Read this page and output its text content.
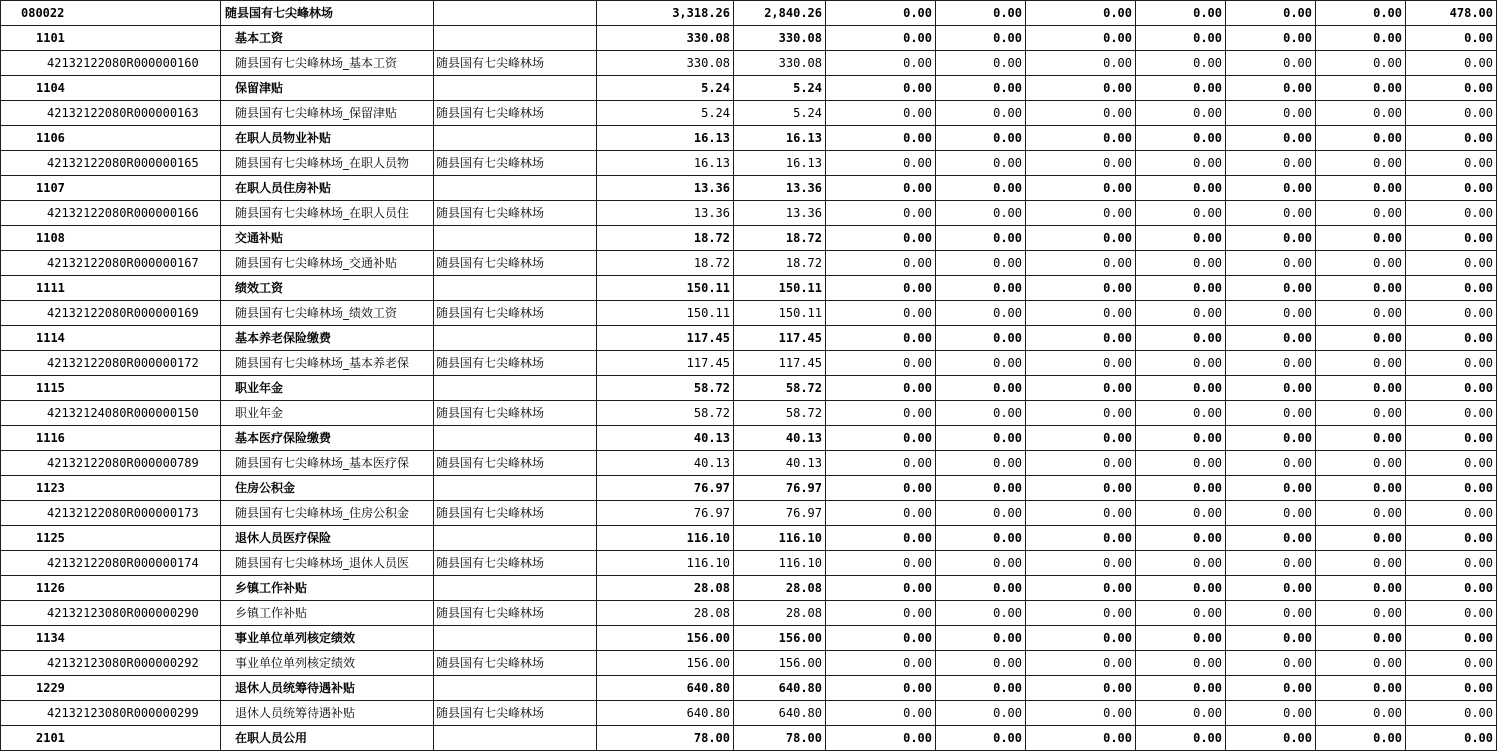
080022	随县国有七尖峰林场		3,318.26	2,840.26	0.00	0.00	0.00	0.00	0.00	0.00	478.00
1101	基本工资		330.08	330.08	0.00	0.00	0.00	0.00	0.00	0.00	0.00
42132122080R000000160	随县国有七尖峰林场_基本工资	随县国有七尖峰林场	330.08	330.08	0.00	0.00	0.00	0.00	0.00	0.00	0.00
1104	保留津贴		5.24	5.24	0.00	0.00	0.00	0.00	0.00	0.00	0.00
42132122080R000000163	随县国有七尖峰林场_保留津贴	随县国有七尖峰林场	5.24	5.24	0.00	0.00	0.00	0.00	0.00	0.00	0.00
1106	在职人员物业补贴		16.13	16.13	0.00	0.00	0.00	0.00	0.00	0.00	0.00
42132122080R000000165	随县国有七尖峰林场_在职人员物	随县国有七尖峰林场	16.13	16.13	0.00	0.00	0.00	0.00	0.00	0.00	0.00
1107	在职人员住房补贴		13.36	13.36	0.00	0.00	0.00	0.00	0.00	0.00	0.00
42132122080R000000166	随县国有七尖峰林场_在职人员住	随县国有七尖峰林场	13.36	13.36	0.00	0.00	0.00	0.00	0.00	0.00	0.00
1108	交通补贴		18.72	18.72	0.00	0.00	0.00	0.00	0.00	0.00	0.00
42132122080R000000167	随县国有七尖峰林场_交通补贴	随县国有七尖峰林场	18.72	18.72	0.00	0.00	0.00	0.00	0.00	0.00	0.00
1111	绩效工资		150.11	150.11	0.00	0.00	0.00	0.00	0.00	0.00	0.00
42132122080R000000169	随县国有七尖峰林场_绩效工资	随县国有七尖峰林场	150.11	150.11	0.00	0.00	0.00	0.00	0.00	0.00	0.00
1114	基本养老保险缴费		117.45	117.45	0.00	0.00	0.00	0.00	0.00	0.00	0.00
42132122080R000000172	随县国有七尖峰林场_基本养老保	随县国有七尖峰林场	117.45	117.45	0.00	0.00	0.00	0.00	0.00	0.00	0.00
1115	职业年金		58.72	58.72	0.00	0.00	0.00	0.00	0.00	0.00	0.00
42132124080R000000150	职业年金	随县国有七尖峰林场	58.72	58.72	0.00	0.00	0.00	0.00	0.00	0.00	0.00
1116	基本医疗保险缴费		40.13	40.13	0.00	0.00	0.00	0.00	0.00	0.00	0.00
42132122080R000000789	随县国有七尖峰林场_基本医疗保	随县国有七尖峰林场	40.13	40.13	0.00	0.00	0.00	0.00	0.00	0.00	0.00
1123	住房公积金		76.97	76.97	0.00	0.00	0.00	0.00	0.00	0.00	0.00
42132122080R000000173	随县国有七尖峰林场_住房公积金	随县国有七尖峰林场	76.97	76.97	0.00	0.00	0.00	0.00	0.00	0.00	0.00
1125	退休人员医疗保险		116.10	116.10	0.00	0.00	0.00	0.00	0.00	0.00	0.00
42132122080R000000174	随县国有七尖峰林场_退休人员医	随县国有七尖峰林场	116.10	116.10	0.00	0.00	0.00	0.00	0.00	0.00	0.00
1126	乡镇工作补贴		28.08	28.08	0.00	0.00	0.00	0.00	0.00	0.00	0.00
42132123080R000000290	乡镇工作补贴	随县国有七尖峰林场	28.08	28.08	0.00	0.00	0.00	0.00	0.00	0.00	0.00
1134	事业单位单列核定绩效		156.00	156.00	0.00	0.00	0.00	0.00	0.00	0.00	0.00
42132123080R000000292	事业单位单列核定绩效	随县国有七尖峰林场	156.00	156.00	0.00	0.00	0.00	0.00	0.00	0.00	0.00
1229	退休人员统筹待遇补贴		640.80	640.80	0.00	0.00	0.00	0.00	0.00	0.00	0.00
42132123080R000000299	退休人员统筹待遇补贴	随县国有七尖峰林场	640.80	640.80	0.00	0.00	0.00	0.00	0.00	0.00	0.00
2101	在职人员公用		78.00	78.00	0.00	0.00	0.00	0.00	0.00	0.00	0.00
